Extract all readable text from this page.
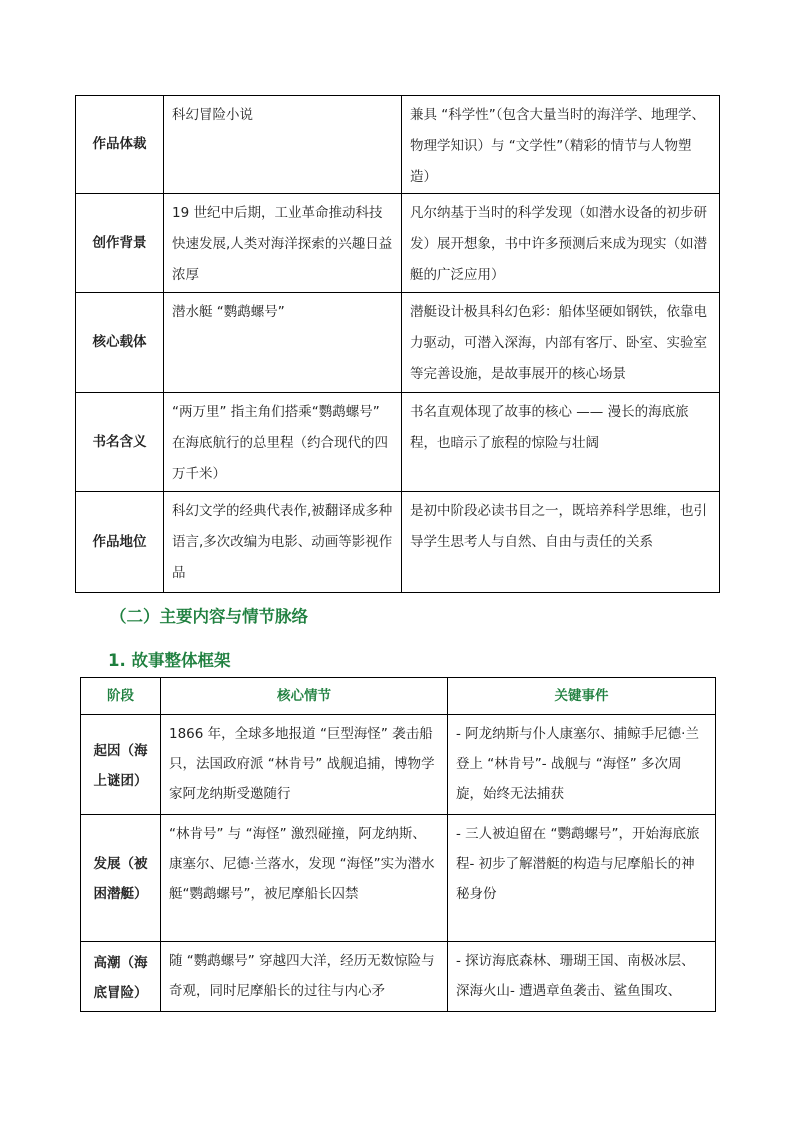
作品体裁	科幻冒险小说	兼具 “科学性”（包含大量当时的海洋学、地理学、物理学知识）与 “文学性”（精彩的情节与人物塑造）
创作背景	19 世纪中后期，工业革命推动科技快速发展,人类对海洋探索的兴趣日益浓厚	凡尔纳基于当时的科学发现（如潜水设备的初步研发）展开想象，书中许多预测后来成为现实（如潜艇的广泛应用）
核心载体	潜水艇 “鹦鹉螺号”	潜艇设计极具科幻色彩：船体坚硬如钢铁，依靠电力驱动，可潜入深海，内部有客厅、卧室、实验室等完善设施，是故事展开的核心场景
书名含义	“两万里” 指主角们搭乘“鹦鹉螺号” 在海底航行的总里程（约合现代的四万千米）	书名直观体现了故事的核心 —— 漫长的海底旅程，也暗示了旅程的惊险与壮阔
作品地位	科幻文学的经典代表作,被翻译成多种语言,多次改编为电影、动画等影视作品	是初中阶段必读书目之一，既培养科学思维，也引导学生思考人与自然、自由与责任的关系
（二）主要内容与情节脉络
1. 故事整体框架
阶段	核心情节	关键事件
起因（海上谜团）	1866 年，全球多地报道 “巨型海怪” 袭击船只，法国政府派 “林肯号” 战舰追捕，博物学家阿龙纳斯受邀随行	- 阿龙纳斯与仆人康塞尔、捕鲸手尼德·兰登上 “林肯号”- 战舰与 “海怪” 多次周旋，始终无法捕获
发展（被困潜艇）	“林肯号” 与 “海怪” 激烈碰撞，阿龙纳斯、康塞尔、尼德·兰落水，发现 “海怪”实为潜水艇“鹦鹉螺号”，被尼摩船长囚禁	- 三人被迫留在 “鹦鹉螺号”，开始海底旅程- 初步了解潜艇的构造与尼摩船长的神秘身份
高潮（海底冒险）	随 “鹦鹉螺号” 穿越四大洋，经历无数惊险与奇观，同时尼摩船长的过往与内心矛	- 探访海底森林、珊瑚王国、南极冰层、深海火山- 遭遇章鱼袭击、鲨鱼围攻、
